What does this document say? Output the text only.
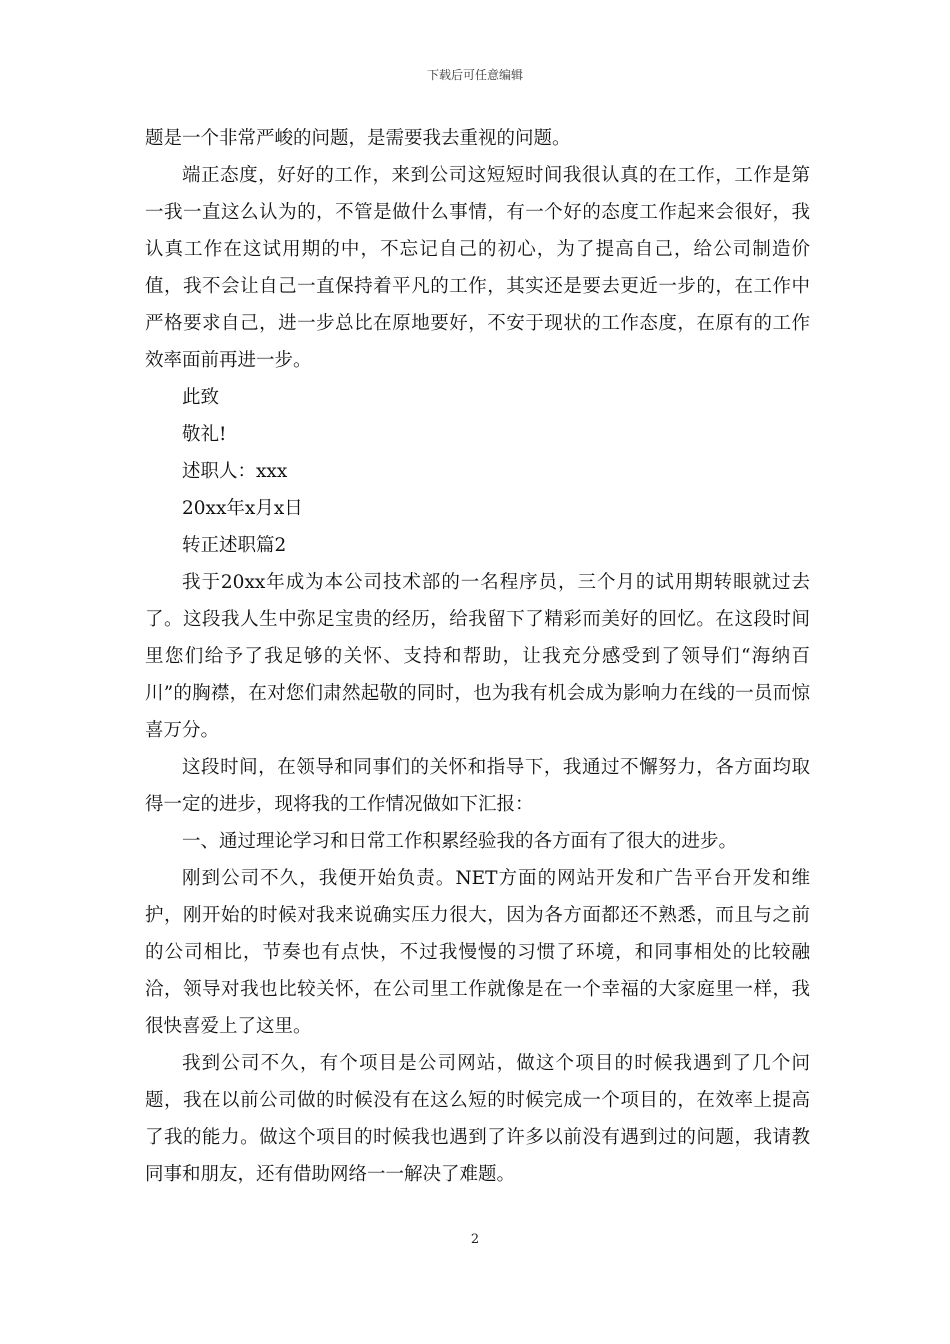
下载后可任意编辑

题是一个非常严峻的问题，是需要我去重视的问题。

端正态度，好好的工作，来到公司这短短时间我很认真的在工作，工作是第一我一直这么认为的，不管是做什么事情，有一个好的态度工作起来会很好，我认真工作在这试用期的中，不忘记自己的初心，为了提高自己，给公司制造价值，我不会让自己一直保持着平凡的工作，其实还是要去更近一步的，在工作中严格要求自己，进一步总比在原地要好，不安于现状的工作态度，在原有的工作效率面前再进一步。

此致

敬礼!

述职人：xxx

20xx年x月x日

转正述职篇2

我于20xx年成为本公司技术部的一名程序员，三个月的试用期转眼就过去了。这段我人生中弥足宝贵的经历，给我留下了精彩而美好的回忆。在这段时间里您们给予了我足够的关怀、支持和帮助，让我充分感受到了领导们“海纳百川”的胸襟，在对您们肃然起敬的同时，也为我有机会成为影响力在线的一员而惊喜万分。

这段时间，在领导和同事们的关怀和指导下，我通过不懈努力，各方面均取得一定的进步，现将我的工作情况做如下汇报：

一、通过理论学习和日常工作积累经验我的各方面有了很大的进步。

刚到公司不久，我便开始负责。NET方面的网站开发和广告平台开发和维护，刚开始的时候对我来说确实压力很大，因为各方面都还不熟悉，而且与之前的公司相比，节奏也有点快，不过我慢慢的习惯了环境，和同事相处的比较融洽，领导对我也比较关怀，在公司里工作就像是在一个幸福的大家庭里一样，我很快喜爱上了这里。

我到公司不久，有个项目是公司网站，做这个项目的时候我遇到了几个问题，我在以前公司做的时候没有在这么短的时候完成一个项目的，在效率上提高了我的能力。做这个项目的时候我也遇到了许多以前没有遇到过的问题，我请教同事和朋友，还有借助网络一一解决了难题。

2
